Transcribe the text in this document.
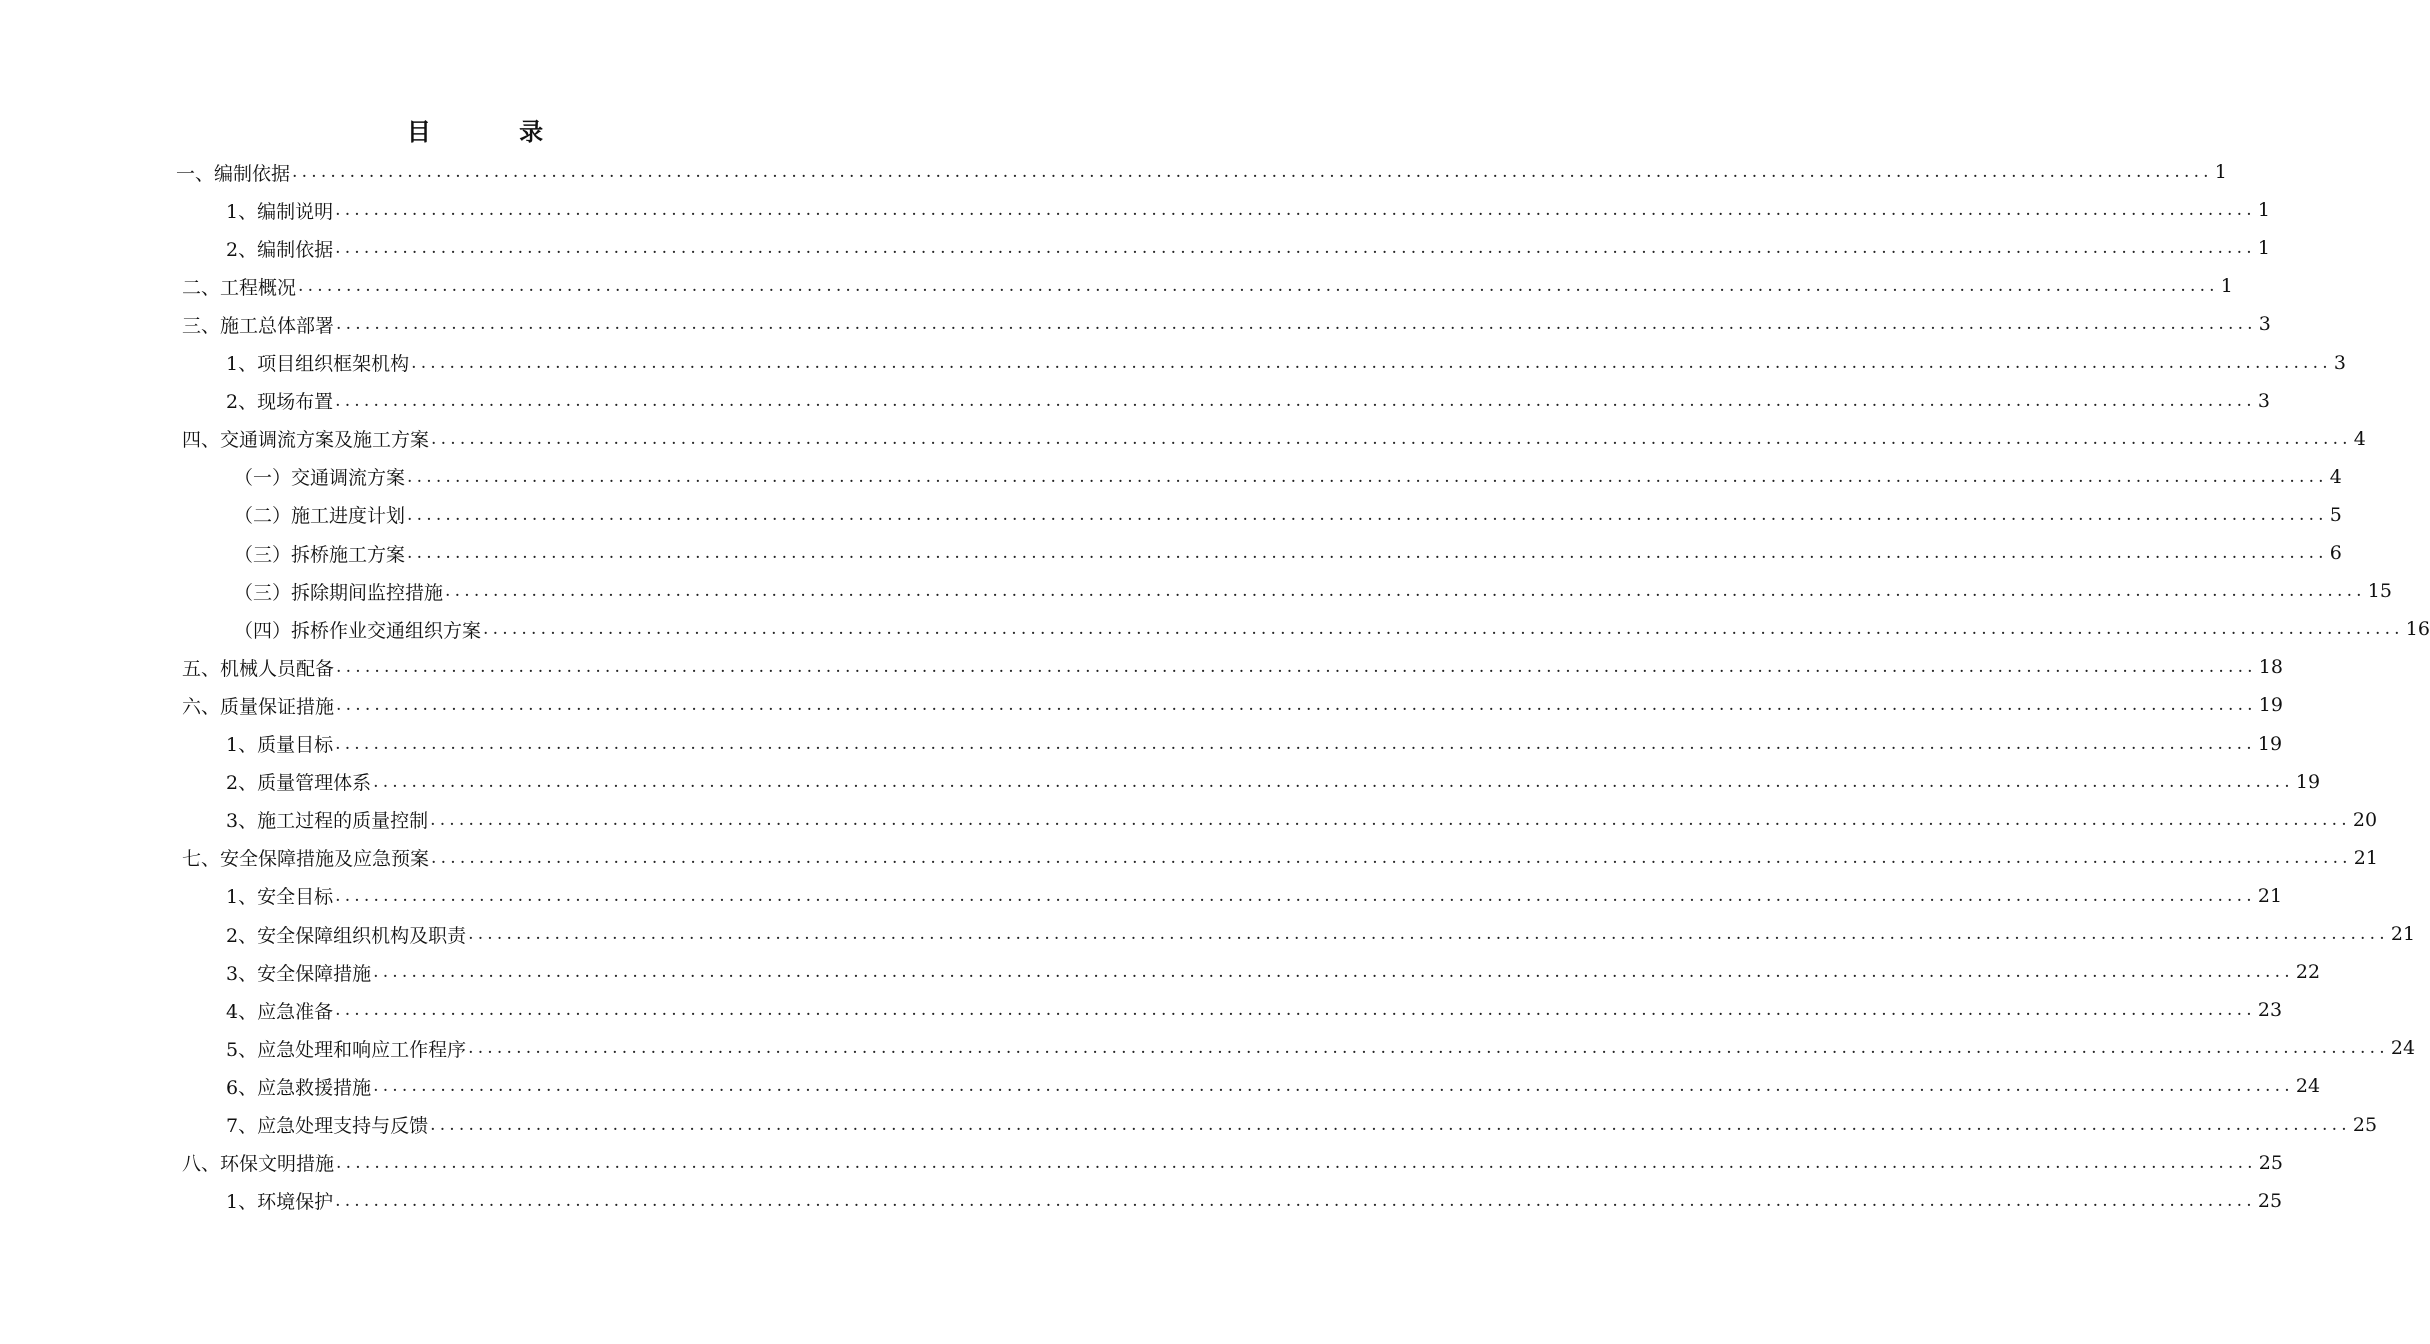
目 录
一、编制依据 ........................................................................................................................................................................................................ 1
1、编制说明 ........................................................................................................................................................................................................ 1
2、编制依据 ........................................................................................................................................................................................................ 1
二、工程概况 ........................................................................................................................................................................................................ 1
三、施工总体部署 ........................................................................................................................................................................................................ 3
1、项目组织框架机构 ........................................................................................................................................................................................................ 3
2、现场布置 ........................................................................................................................................................................................................ 3
四、交通调流方案及施工方案 ........................................................................................................................................................................................................ 4
（一）交通调流方案 ........................................................................................................................................................................................................ 4
（二）施工进度计划 ........................................................................................................................................................................................................ 5
（三）拆桥施工方案 ........................................................................................................................................................................................................ 6
（三）拆除期间监控措施 ........................................................................................................................................................................................................ 15
（四）拆桥作业交通组织方案 ........................................................................................................................................................................................................ 16
五、机械人员配备 ........................................................................................................................................................................................................ 18
六、质量保证措施 ........................................................................................................................................................................................................ 19
1、质量目标 ........................................................................................................................................................................................................ 19
2、质量管理体系 ........................................................................................................................................................................................................ 19
3、施工过程的质量控制 ........................................................................................................................................................................................................ 20
七、安全保障措施及应急预案 ........................................................................................................................................................................................................ 21
1、安全目标 ........................................................................................................................................................................................................ 21
2、安全保障组织机构及职责 ........................................................................................................................................................................................................ 21
3、安全保障措施 ........................................................................................................................................................................................................ 22
4、应急准备 ........................................................................................................................................................................................................ 23
5、应急处理和响应工作程序 ........................................................................................................................................................................................................ 24
6、应急救援措施 ........................................................................................................................................................................................................ 24
7、应急处理支持与反馈 ........................................................................................................................................................................................................ 25
八、环保文明措施 ........................................................................................................................................................................................................ 25
1、环境保护 ........................................................................................................................................................................................................ 25
